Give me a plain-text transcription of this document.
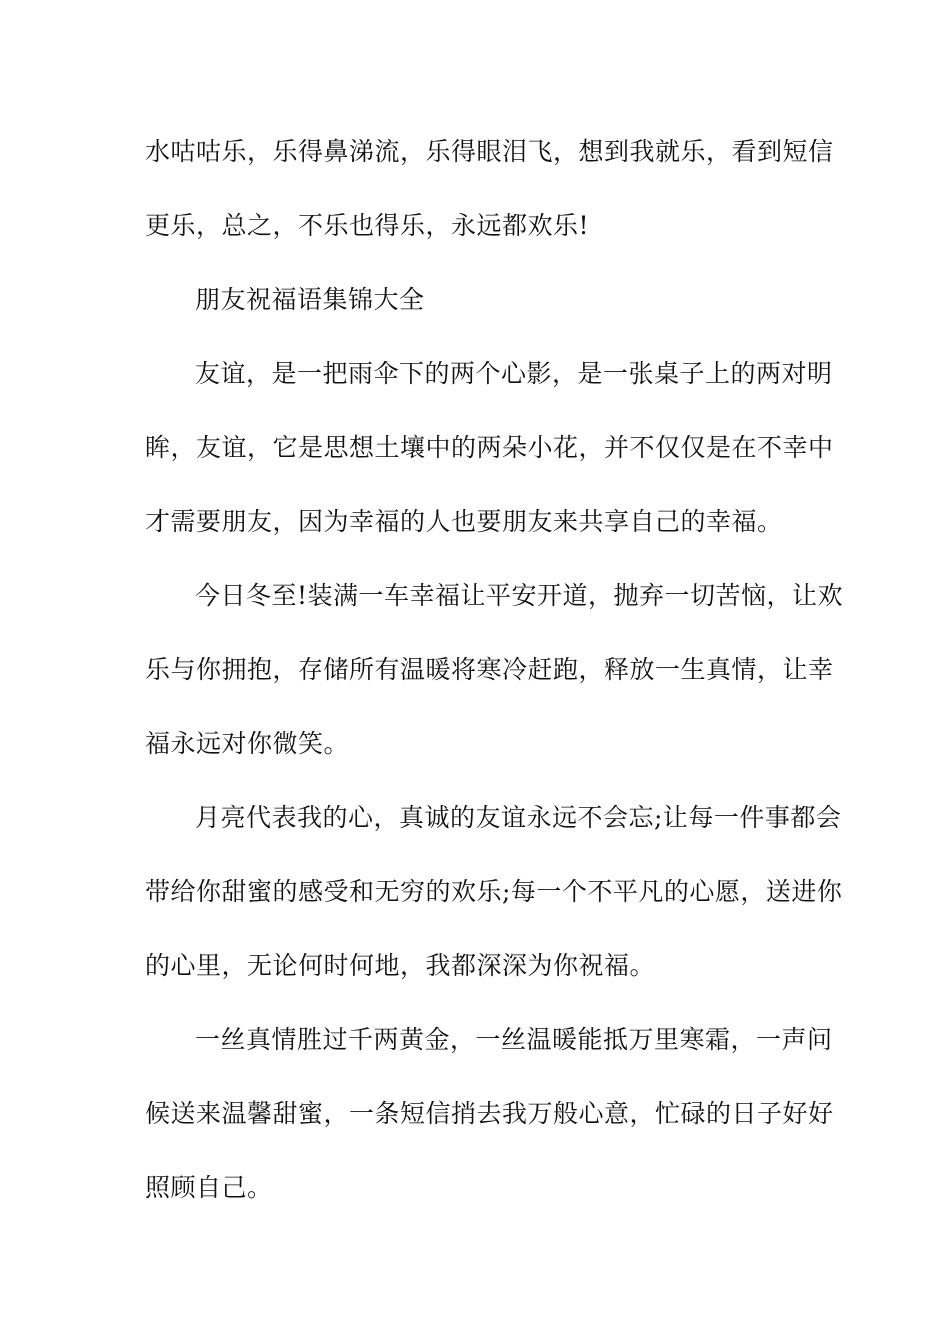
水咕咕乐，乐得鼻涕流，乐得眼泪飞，想到我就乐，看到短信
更乐，总之，不乐也得乐，永远都欢乐!
朋友祝福语集锦大全
友谊，是一把雨伞下的两个心影，是一张桌子上的两对明
眸，友谊，它是思想土壤中的两朵小花，并不仅仅是在不幸中
才需要朋友，因为幸福的人也要朋友来共享自己的幸福。
今日冬至!装满一车幸福让平安开道，抛弃一切苦恼，让欢
乐与你拥抱，存储所有温暖将寒冷赶跑，释放一生真情，让幸
福永远对你微笑。
月亮代表我的心，真诚的友谊永远不会忘;让每一件事都会
带给你甜蜜的感受和无穷的欢乐;每一个不平凡的心愿，送进你
的心里，无论何时何地，我都深深为你祝福。
一丝真情胜过千两黄金，一丝温暖能抵万里寒霜，一声问
候送来温馨甜蜜，一条短信捎去我万般心意，忙碌的日子好好
照顾自己。
